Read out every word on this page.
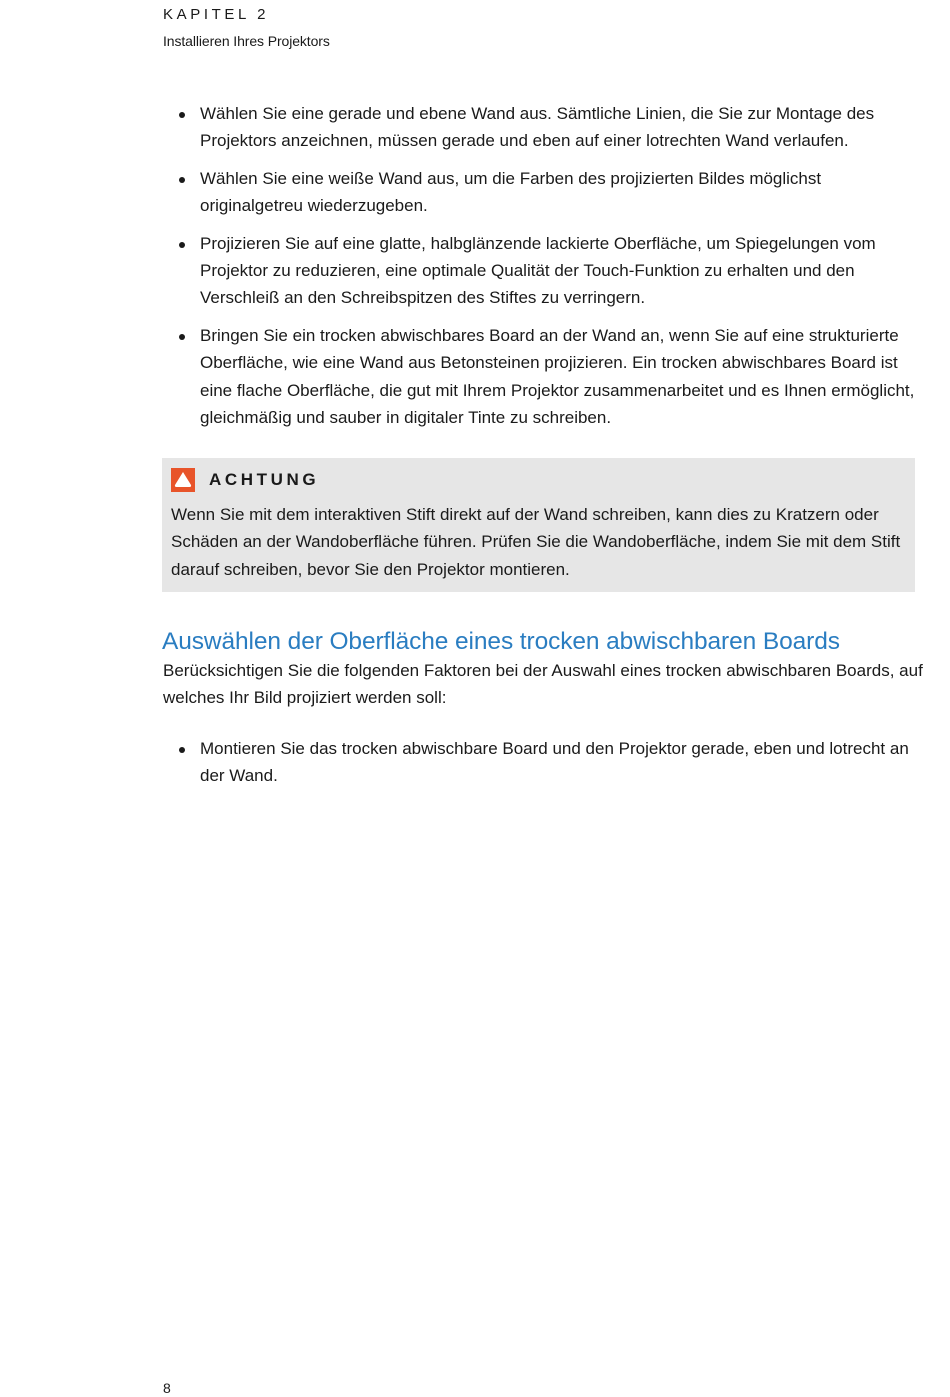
KAPITEL 2
Installieren Ihres Projektors
Wählen Sie eine gerade und ebene Wand aus. Sämtliche Linien, die Sie zur Montage des Projektors anzeichnen, müssen gerade und eben auf einer lotrechten Wand verlaufen.
Wählen Sie eine weiße Wand aus, um die Farben des projizierten Bildes möglichst originalgetreu wiederzugeben.
Projizieren Sie auf eine glatte, halbglänzende lackierte Oberfläche, um Spiegelungen vom Projektor zu reduzieren, eine optimale Qualität der Touch-Funktion zu erhalten und den Verschleiß an den Schreibspitzen des Stiftes zu verringern.
Bringen Sie ein trocken abwischbares Board an der Wand an, wenn Sie auf eine strukturierte Oberfläche, wie eine Wand aus Betonsteinen projizieren. Ein trocken abwischbares Board ist eine flache Oberfläche, die gut mit Ihrem Projektor zusammenarbeitet und es Ihnen ermöglicht, gleichmäßig und sauber in digitaler Tinte zu schreiben.
ACHTUNG
Wenn Sie mit dem interaktiven Stift direkt auf der Wand schreiben, kann dies zu Kratzern oder Schäden an der Wandoberfläche führen. Prüfen Sie die Wandoberfläche, indem Sie mit dem Stift darauf schreiben, bevor Sie den Projektor montieren.
Auswählen der Oberfläche eines trocken abwischbaren Boards

Berücksichtigen Sie die folgenden Faktoren bei der Auswahl eines trocken abwischbaren Boards, auf welches Ihr Bild projiziert werden soll:

Montieren Sie das trocken abwischbare Board und den Projektor gerade, eben und lotrecht an der Wand.
8
